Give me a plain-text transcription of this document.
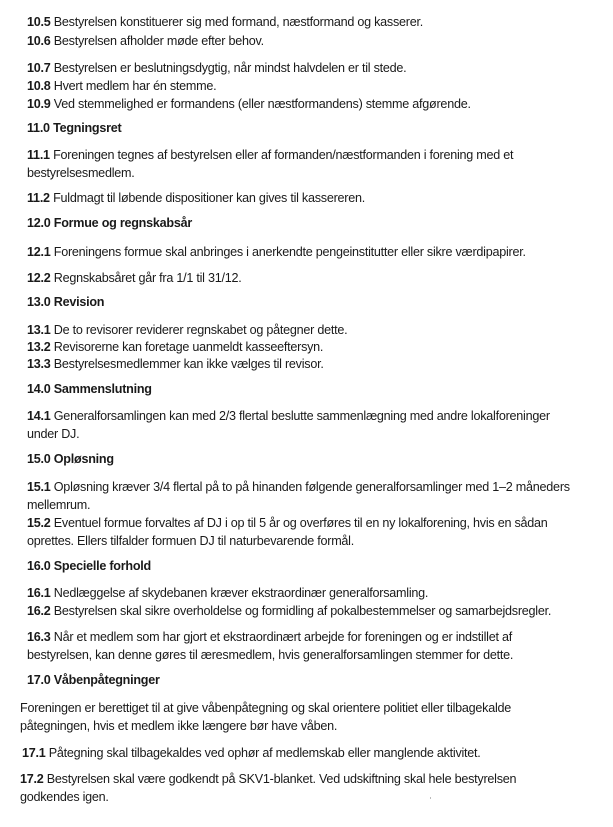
10.5 Bestyrelsen konstituerer sig med formand, næstformand og kasserer.
10.6 Bestyrelsen afholder møde efter behov.
10.7 Bestyrelsen er beslutningsdygtig, når mindst halvdelen er til stede.
10.8 Hvert medlem har én stemme.
10.9 Ved stemmelighed er formandens (eller næstformandens) stemme afgørende.
11.0 Tegningsret
11.1 Foreningen tegnes af bestyrelsen eller af formanden/næstformanden i forening med et
bestyrelsesmedlem.
11.2 Fuldmagt til løbende dispositioner kan gives til kassereren.
12.0 Formue og regnskabsår
12.1 Foreningens formue skal anbringes i anerkendte pengeinstitutter eller sikre værdipapirer.
12.2 Regnskabsåret går fra 1/1 til 31/12.
13.0 Revision
13.1 De to revisorer reviderer regnskabet og påtegner dette.
13.2 Revisorerne kan foretage uanmeldt kasseeftersyn.
13.3 Bestyrelsesmedlemmer kan ikke vælges til revisor.
14.0 Sammenslutning
14.1 Generalforsamlingen kan med 2/3 flertal beslutte sammenlægning med andre lokalforeninger
under DJ.
15.0 Opløsning
15.1 Opløsning kræver 3/4 flertal på to på hinanden følgende generalforsamlinger med 1–2 måneders
mellemrum.
15.2 Eventuel formue forvaltes af DJ i op til 5 år og overføres til en ny lokalforening, hvis en sådan
oprettes. Ellers tilfalder formuen DJ til naturbevarende formål.
16.0 Specielle forhold
16.1 Nedlæggelse af skydebanen kræver ekstraordinær generalforsamling.
16.2 Bestyrelsen skal sikre overholdelse og formidling af pokalbestemmelser og samarbejdsregler.
16.3 Når et medlem som har gjort et ekstraordinært arbejde for foreningen og er indstillet af
bestyrelsen, kan denne gøres til æresmedlem, hvis generalforsamlingen stemmer for dette.
17.0 Våbenpåtegninger
Foreningen er berettiget til at give våbenpåtegning og skal orientere politiet eller tilbagekalde
påtegningen, hvis et medlem ikke længere bør have våben.
17.1 Påtegning skal tilbagekaldes ved ophør af medlemskab eller manglende aktivitet.
17.2 Bestyrelsen skal være godkendt på SKV1-blanket. Ved udskiftning skal hele bestyrelsen
godkendes igen.
